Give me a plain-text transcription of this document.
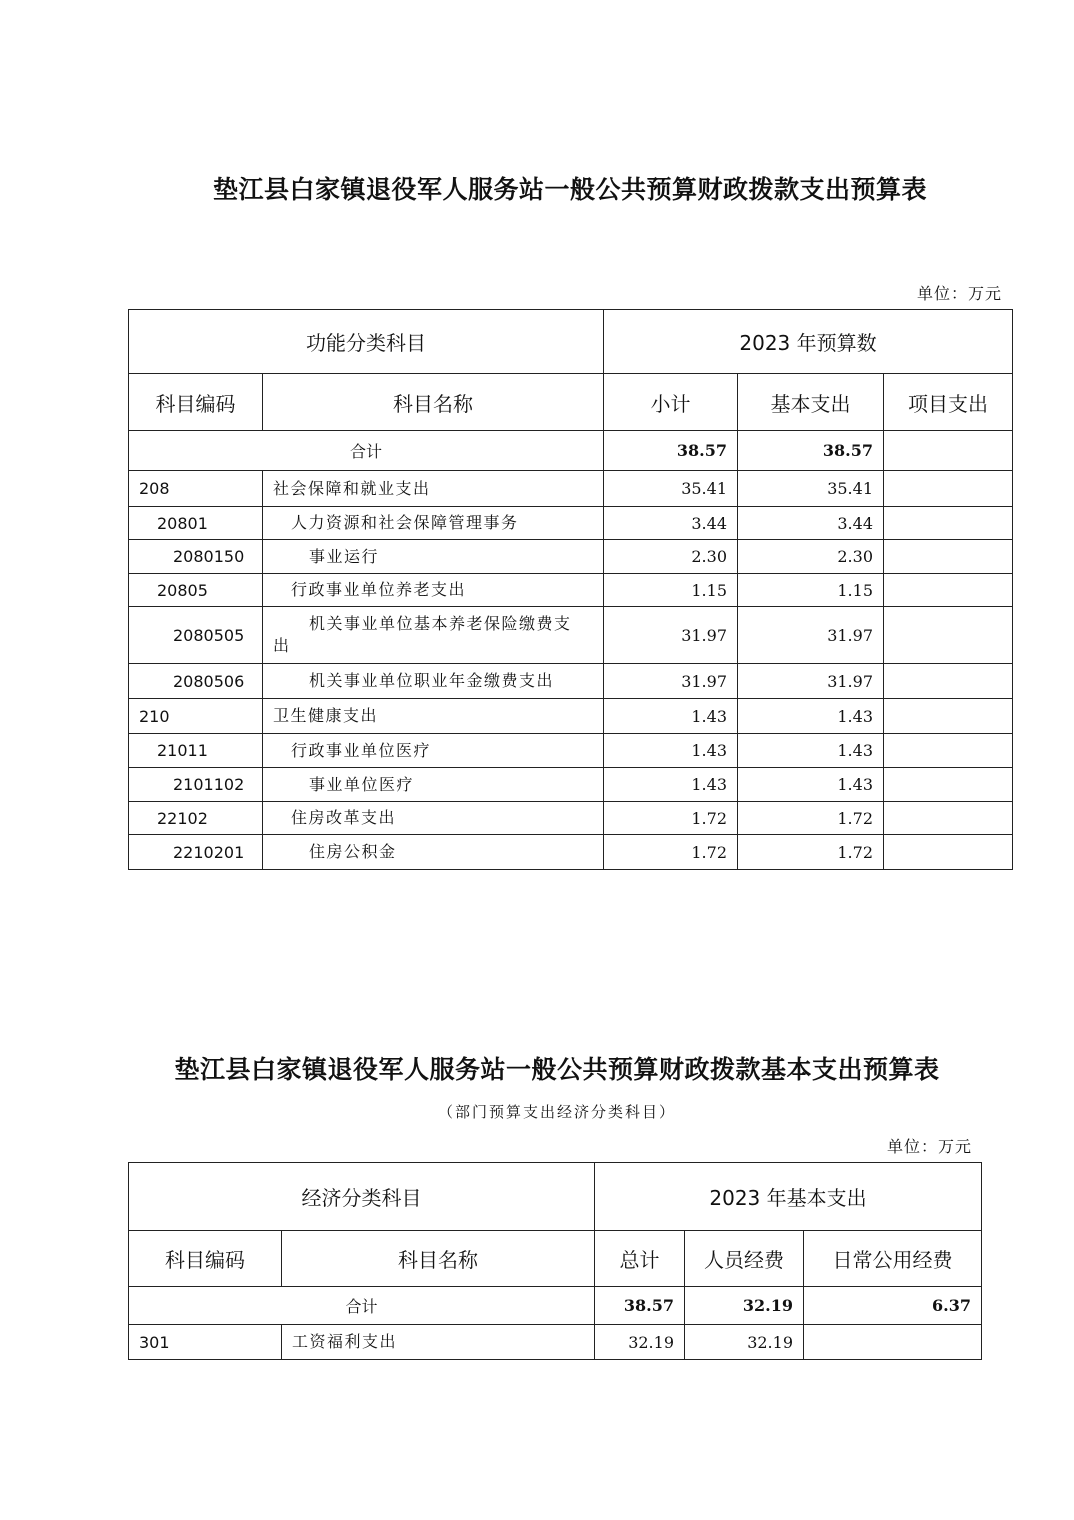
垫江县白家镇退役军人服务站一般公共预算财政拨款支出预算表
单位：万元
功能分类科目		2023 年预算数		
科目编码	科目名称	小计	基本支出	项目支出
合计		38.57	38.57	
208	社会保障和就业支出	35.41	35.41	
20801	人力资源和社会保障管理事务	3.44	3.44	
2080150	事业运行	2.30	2.30	
20805	行政事业单位养老支出	1.15	1.15	
2080505	机关事业单位基本养老保险缴费支出	31.97	31.97	
2080506	机关事业单位职业年金缴费支出	31.97	31.97	
210	卫生健康支出	1.43	1.43	
21011	行政事业单位医疗	1.43	1.43	
2101102	事业单位医疗	1.43	1.43	
22102	住房改革支出	1.72	1.72	
2210201	住房公积金	1.72	1.72	
垫江县白家镇退役军人服务站一般公共预算财政拨款基本支出预算表
（部门预算支出经济分类科目）
单位：万元
经济分类科目		2023 年基本支出		
科目编码	科目名称	总计	人员经费	日常公用经费
合计		38.57	32.19	6.37
301	工资福利支出	32.19	32.19	
